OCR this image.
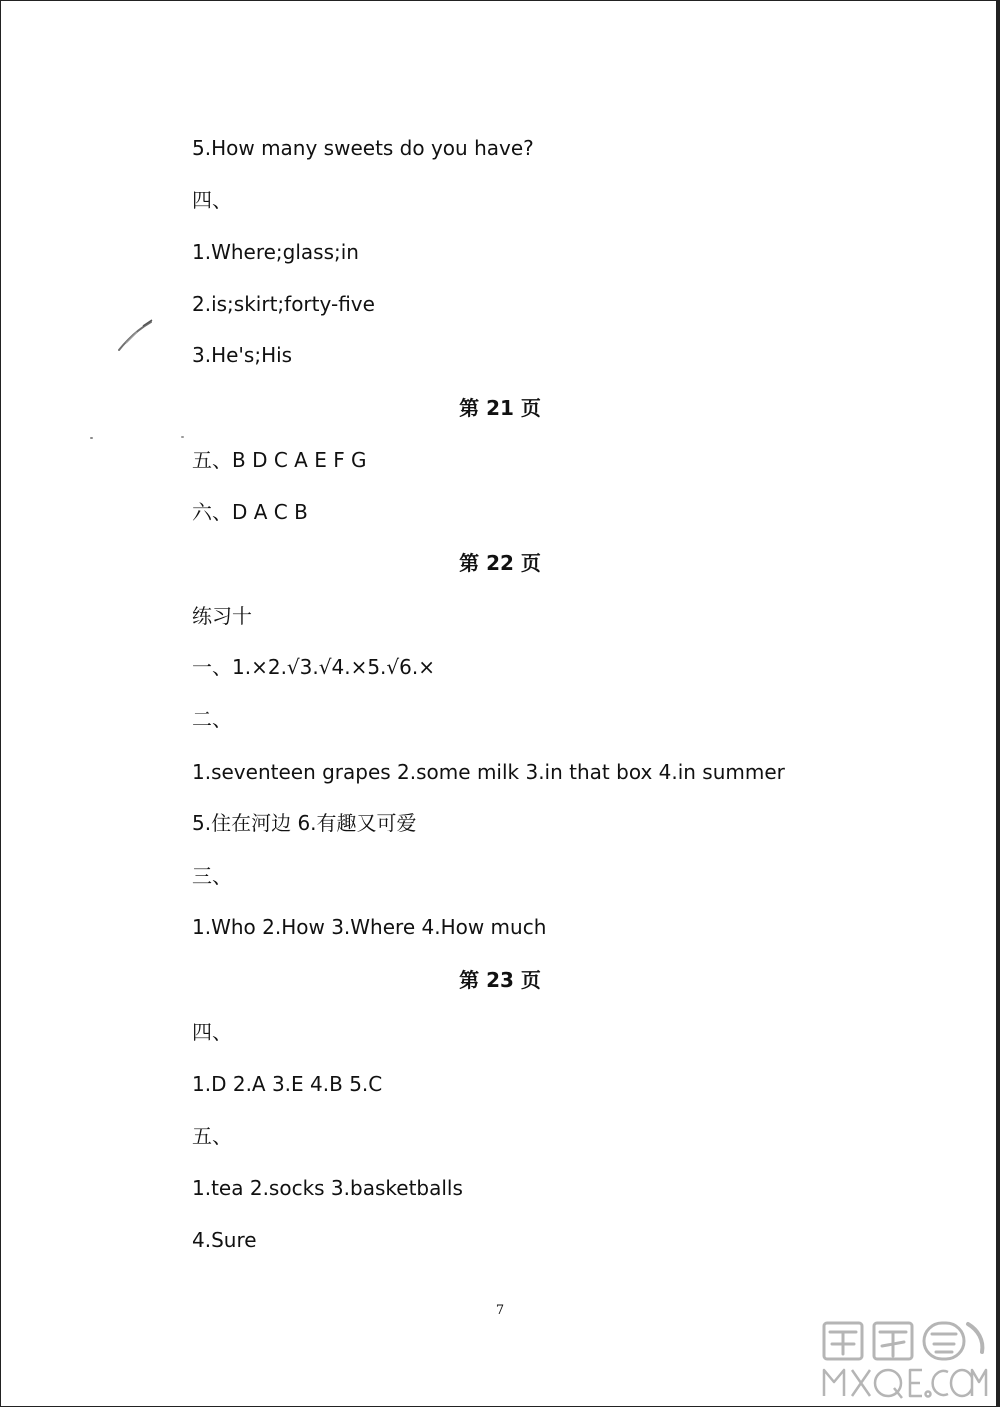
5.How many sweets do you have?
四、
1.Where;glass;in
2.is;skirt;forty-five
3.He's;His
第 21 页
五、B D C A E F G
六、D A C B
第 22 页
练习十
一、1.×2.√3.√4.×5.√6.×
二、
1.seventeen grapes 2.some milk 3.in that box 4.in summer
5.住在河边 6.有趣又可爱
三、
1.Who 2.How 3.Where 4.How much
第 23 页
四、
1.D 2.A 3.E 4.B 5.C
五、
1.tea 2.socks 3.basketballs
4.Sure
7
